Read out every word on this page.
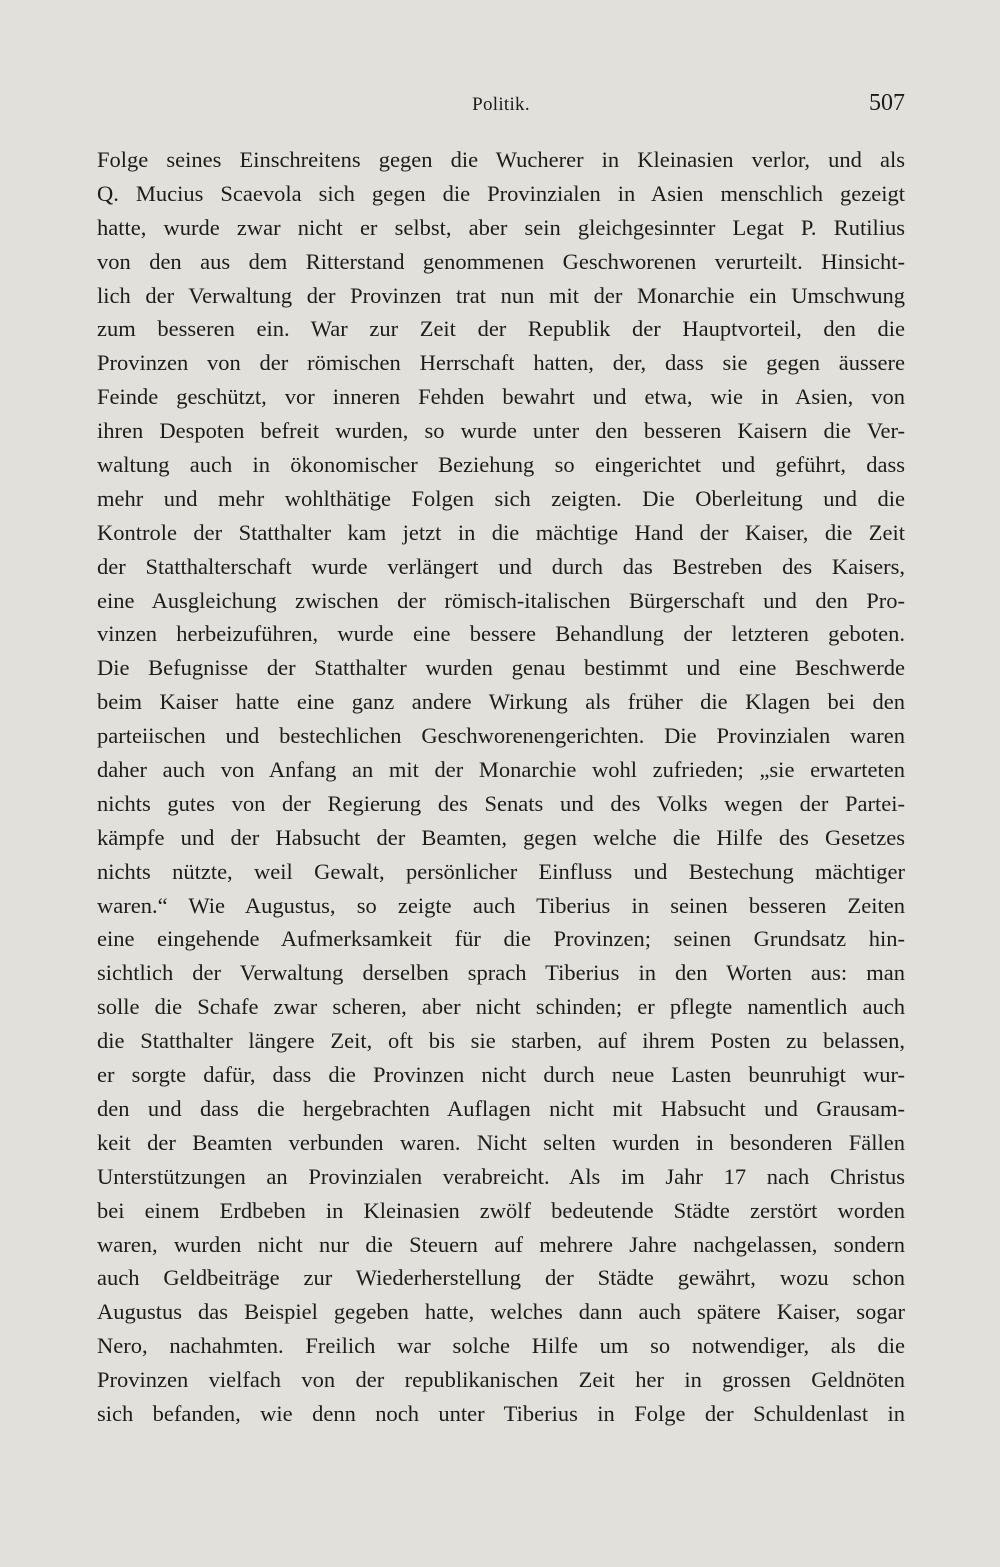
Politik.	507
Folge seines Einschreitens gegen die Wucherer in Kleinasien verlor, und als
Q. Mucius Scaevola sich gegen die Provinzialen in Asien menschlich gezeigt
hatte, wurde zwar nicht er selbst, aber sein gleichgesinnter Legat P. Rutilius
von den aus dem Ritterstand genommenen Geschworenen verurteilt. Hinsicht-
lich der Verwaltung der Provinzen trat nun mit der Monarchie ein Umschwung
zum besseren ein. War zur Zeit der Republik der Hauptvorteil, den die
Provinzen von der römischen Herrschaft hatten, der, dass sie gegen äussere
Feinde geschützt, vor inneren Fehden bewahrt und etwa, wie in Asien, von
ihren Despoten befreit wurden, so wurde unter den besseren Kaisern die Ver-
waltung auch in ökonomischer Beziehung so eingerichtet und geführt, dass
mehr und mehr wohlthätige Folgen sich zeigten. Die Oberleitung und die
Kontrole der Statthalter kam jetzt in die mächtige Hand der Kaiser, die Zeit
der Statthalterschaft wurde verlängert und durch das Bestreben des Kaisers,
eine Ausgleichung zwischen der römisch-italischen Bürgerschaft und den Pro-
vinzen herbeizuführen, wurde eine bessere Behandlung der letzteren geboten.
Die Befugnisse der Statthalter wurden genau bestimmt und eine Beschwerde
beim Kaiser hatte eine ganz andere Wirkung als früher die Klagen bei den
parteiischen und bestechlichen Geschworenengerichten. Die Provinzialen waren
daher auch von Anfang an mit der Monarchie wohl zufrieden; „sie erwarteten
nichts gutes von der Regierung des Senats und des Volks wegen der Partei-
kämpfe und der Habsucht der Beamten, gegen welche die Hilfe des Gesetzes
nichts nützte, weil Gewalt, persönlicher Einfluss und Bestechung mächtiger
waren.“ Wie Augustus, so zeigte auch Tiberius in seinen besseren Zeiten
eine eingehende Aufmerksamkeit für die Provinzen; seinen Grundsatz hin-
sichtlich der Verwaltung derselben sprach Tiberius in den Worten aus: man
solle die Schafe zwar scheren, aber nicht schinden; er pflegte namentlich auch
die Statthalter längere Zeit, oft bis sie starben, auf ihrem Posten zu belassen,
er sorgte dafür, dass die Provinzen nicht durch neue Lasten beunruhigt wur-
den und dass die hergebrachten Auflagen nicht mit Habsucht und Grausam-
keit der Beamten verbunden waren. Nicht selten wurden in besonderen Fällen
Unterstützungen an Provinzialen verabreicht. Als im Jahr 17 nach Christus
bei einem Erdbeben in Kleinasien zwölf bedeutende Städte zerstört worden
waren, wurden nicht nur die Steuern auf mehrere Jahre nachgelassen, sondern
auch Geldbeiträge zur Wiederherstellung der Städte gewährt, wozu schon
Augustus das Beispiel gegeben hatte, welches dann auch spätere Kaiser, sogar
Nero, nachahmten. Freilich war solche Hilfe um so notwendiger, als die
Provinzen vielfach von der republikanischen Zeit her in grossen Geldnöten
sich befanden, wie denn noch unter Tiberius in Folge der Schuldenlast in
